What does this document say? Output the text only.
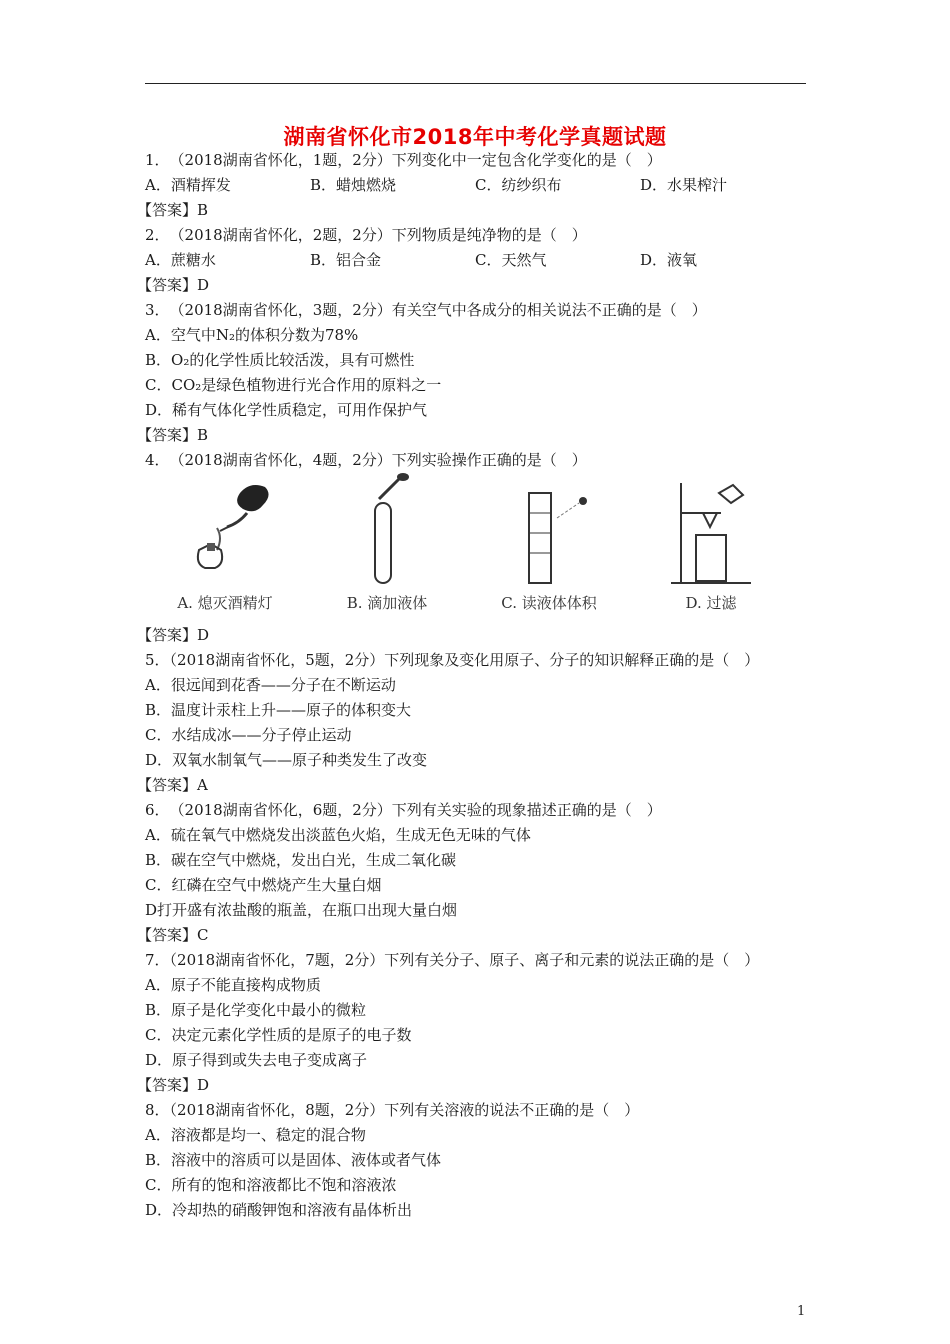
湖南省怀化市2018年中考化学真题试题
1．　（2018湖南省怀化，1题，2分）下列变化中一定包含化学变化的是（　）
A．酒精挥发	B．蜡烛燃烧	C．纺纱织布	D．水果榨汁
【答案】B
2．　（2018湖南省怀化，2题，2分）下列物质是纯净物的是（　）
A．蔗糖水	B．铝合金	C．天然气	D．液氧
【答案】D
3．　（2018湖南省怀化，3题，2分）有关空气中各成分的相关说法不正确的是（　）
A．空气中N₂的体积分数为78%
B．O₂的化学性质比较活泼，具有可燃性
C．CO₂是绿色植物进行光合作用的原料之一
D．稀有气体化学性质稳定，可用作保护气
【答案】B
4．　（2018湖南省怀化，4题，2分）下列实验操作正确的是（　）
A. 熄灭酒精灯	B. 滴加液体	C. 读液体体积	D. 过滤
【答案】D
5．（2018湖南省怀化，5题，2分）下列现象及变化用原子、分子的知识解释正确的是（　）
A．很远闻到花香——分子在不断运动
B．温度计汞柱上升——原子的体积变大
C．水结成冰——分子停止运动
D．双氧水制氧气——原子种类发生了改变
【答案】A
6．　（2018湖南省怀化，6题，2分）下列有关实验的现象描述正确的是（　）
A．硫在氧气中燃烧发出淡蓝色火焰，生成无色无味的气体
B．碳在空气中燃烧，发出白光，生成二氧化碳
C．红磷在空气中燃烧产生大量白烟
D打开盛有浓盐酸的瓶盖，在瓶口出现大量白烟
【答案】C
7．（2018湖南省怀化，7题，2分）下列有关分子、原子、离子和元素的说法正确的是（　）
A．原子不能直接构成物质
B．原子是化学变化中最小的微粒
C．决定元素化学性质的是原子的电子数
D．原子得到或失去电子变成离子
【答案】D
8．（2018湖南省怀化，8题，2分）下列有关溶液的说法不正确的是（　）
A．溶液都是均一、稳定的混合物
B．溶液中的溶质可以是固体、液体或者气体
C．所有的饱和溶液都比不饱和溶液浓
D．冷却热的硝酸钾饱和溶液有晶体析出
1
